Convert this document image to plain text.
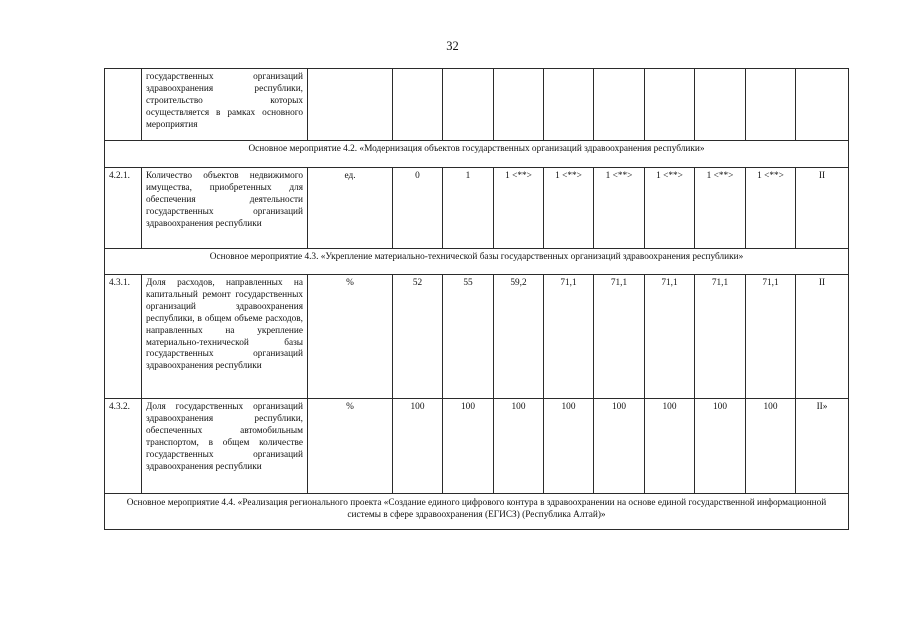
32
	государственных организаций здравоохранения республики, строительство которых осуществляется в рамках основного мероприятия										
Основное мероприятие 4.2. «Модернизация объектов государственных организаций здравоохранения республики»											
4.2.1.	Количество объектов недвижимого имущества, приобретенных для обеспечения деятельности государственных организаций здравоохранения республики	ед.	0	1	1 <**>	1 <**>	1 <**>	1 <**>	1 <**>	1 <**>	II
Основное мероприятие 4.3. «Укрепление материально-технической базы государственных организаций здравоохранения республики»											
4.3.1.	Доля расходов, направленных на капитальный ремонт государственных организаций здравоохранения республики, в общем объеме расходов, направленных на укрепление материально-технической базы государственных организаций здравоохранения республики	%	52	55	59,2	71,1	71,1	71,1	71,1	71,1	II
4.3.2.	Доля государственных организаций здравоохранения республики, обеспеченных автомобильным транспортом, в общем количестве государственных организаций здравоохранения республики	%	100	100	100	100	100	100	100	100	II»
Основное мероприятие 4.4. «Реализация регионального проекта «Создание единого цифрового контура в здравоохранении на основе единой государственной информационной системы в сфере здравоохранения (ЕГИСЗ) (Республика Алтай)»											
